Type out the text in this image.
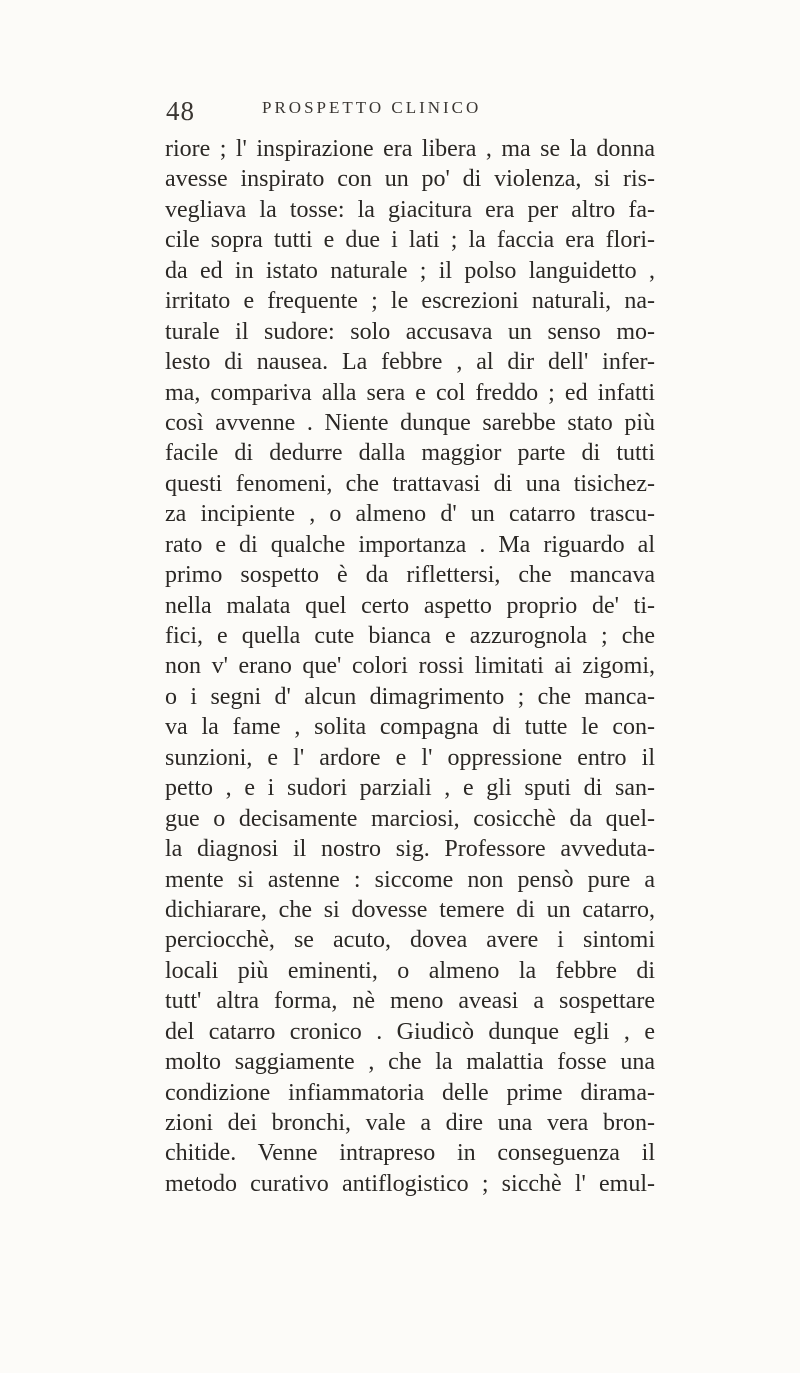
48	PROSPETTO CLINICO
riore ; l' inspirazione era libera , ma se la donna
avesse inspirato con un po' di violenza, si ris-
vegliava la tosse: la giacitura era per altro fa-
cile sopra tutti e due i lati ; la faccia era flori-
da ed in istato naturale ; il polso languidetto ,
irritato e frequente ; le escrezioni naturali, na-
turale il sudore: solo accusava un senso mo-
lesto di nausea. La febbre , al dir dell' infer-
ma, compariva alla sera e col freddo ; ed infatti
così avvenne . Niente dunque sarebbe stato più
facile di dedurre dalla maggior parte di tutti
questi fenomeni, che trattavasi di una tisichez-
za incipiente , o almeno d' un catarro trascu-
rato e di qualche importanza . Ma riguardo al
primo sospetto è da riflettersi, che mancava
nella malata quel certo aspetto proprio de' ti-
fici, e quella cute bianca e azzurognola ; che
non v' erano que' colori rossi limitati ai zigomi,
o i segni d' alcun dimagrimento ; che manca-
va la fame , solita compagna di tutte le con-
sunzioni, e l' ardore e l' oppressione entro il
petto , e i sudori parziali , e gli sputi di san-
gue o decisamente marciosi, cosicchè da quel-
la diagnosi il nostro sig. Professore avveduta-
mente si astenne : siccome non pensò pure a
dichiarare, che si dovesse temere di un catarro,
perciocchè, se acuto, dovea avere i sintomi
locali più eminenti, o almeno la febbre di
tutt' altra forma, nè meno aveasi a sospettare
del catarro cronico . Giudicò dunque egli , e
molto saggiamente , che la malattia fosse una
condizione infiammatoria delle prime dirama-
zioni dei bronchi, vale a dire una vera bron-
chitide. Venne intrapreso in conseguenza il
metodo curativo antiflogistico ; sicchè l' emul-
